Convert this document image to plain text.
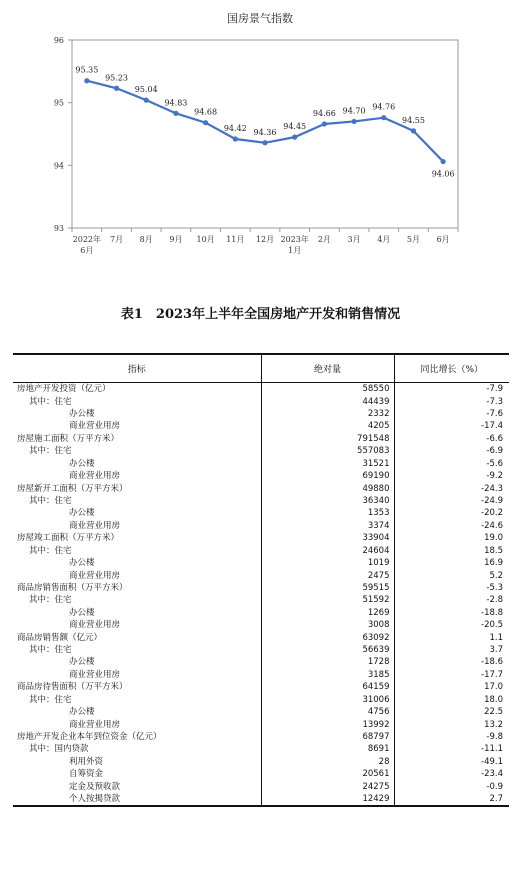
国房景气指数
93
94
95
96
2022年 6月
7月 8月 9月 10月 11月 12月 2023年 1月
2月 3月 4月 5月 6月
95.35
95.23
95.04
94.83
94.68
94.42 94.36
94.45
94.66 94.70 94.76
94.55
94.06
表1　2023年上半年全国房地产开发和销售情况
指标	绝对量	同比增长（%）
房地产开发投资（亿元）	58550	-7.9
其中：住宅	44439	-7.3
办公楼	2332	-7.6
商业营业用房	4205	-17.4
房屋施工面积（万平方米）	791548	-6.6
其中：住宅	557083	-6.9
办公楼	31521	-5.6
商业营业用房	69190	-9.2
房屋新开工面积（万平方米）	49880	-24.3
其中：住宅	36340	-24.9
办公楼	1353	-20.2
商业营业用房	3374	-24.6
房屋竣工面积（万平方米）	33904	19.0
其中：住宅	24604	18.5
办公楼	1019	16.9
商业营业用房	2475	5.2
商品房销售面积（万平方米）	59515	-5.3
其中：住宅	51592	-2.8
办公楼	1269	-18.8
商业营业用房	3008	-20.5
商品房销售额（亿元）	63092	1.1
其中：住宅	56639	3.7
办公楼	1728	-18.6
商业营业用房	3185	-17.7
商品房待售面积（万平方米）	64159	17.0
其中：住宅	31006	18.0
办公楼	4756	22.5
商业营业用房	13992	13.2
房地产开发企业本年到位资金（亿元）	68797	-9.8
其中：国内贷款	8691	-11.1
利用外资	28	-49.1
自筹资金	20561	-23.4
定金及预收款	24275	-0.9
个人按揭贷款	12429	2.7
